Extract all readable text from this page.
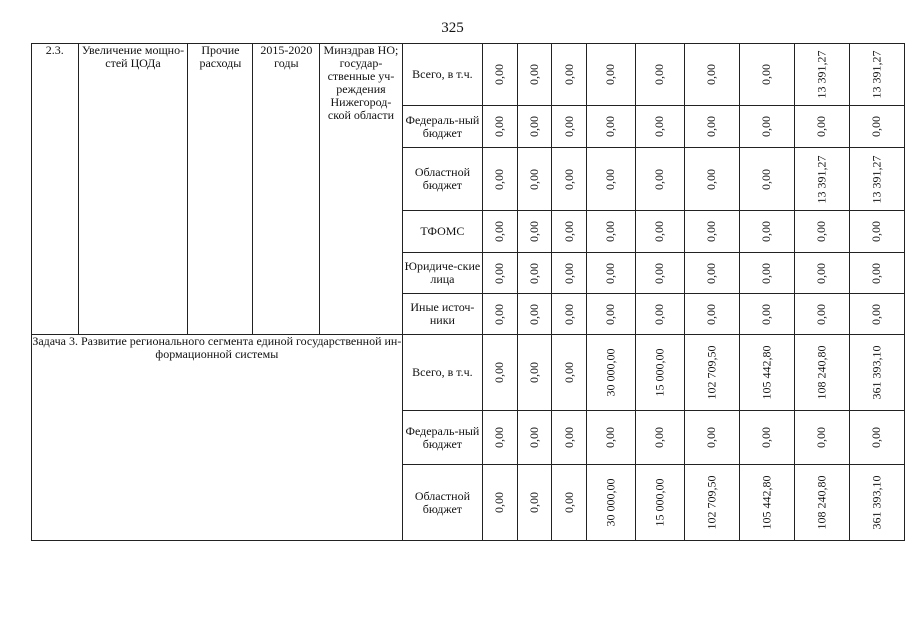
325
2.3.	Увеличение мощно-стей ЦОДа	Прочие расходы	2015-2020 годы	Минздрав НО; государ-ственные уч-реждения Нижегород-ской области	Всего, в т.ч.	0,00	0,00	0,00	0,00	0,00	0,00	0,00	13 391,27	13 391,27
					Федераль-ный бюджет	0,00	0,00	0,00	0,00	0,00	0,00	0,00	0,00	0,00
					Областной бюджет	0,00	0,00	0,00	0,00	0,00	0,00	0,00	13 391,27	13 391,27
					ТФОМС	0,00	0,00	0,00	0,00	0,00	0,00	0,00	0,00	0,00
					Юридиче-ские лица	0,00	0,00	0,00	0,00	0,00	0,00	0,00	0,00	0,00
					Иные источ-ники	0,00	0,00	0,00	0,00	0,00	0,00	0,00	0,00	0,00
Задача 3. Развитие регионального сегмента единой государственной ин-формационной системы					Всего, в т.ч.	0,00	0,00	0,00	30 000,00	15 000,00	102 709,50	105 442,80	108 240,80	361 393,10
					Федераль-ный бюджет	0,00	0,00	0,00	0,00	0,00	0,00	0,00	0,00	0,00
					Областной бюджет	0,00	0,00	0,00	30 000,00	15 000,00	102 709,50	105 442,80	108 240,80	361 393,10
